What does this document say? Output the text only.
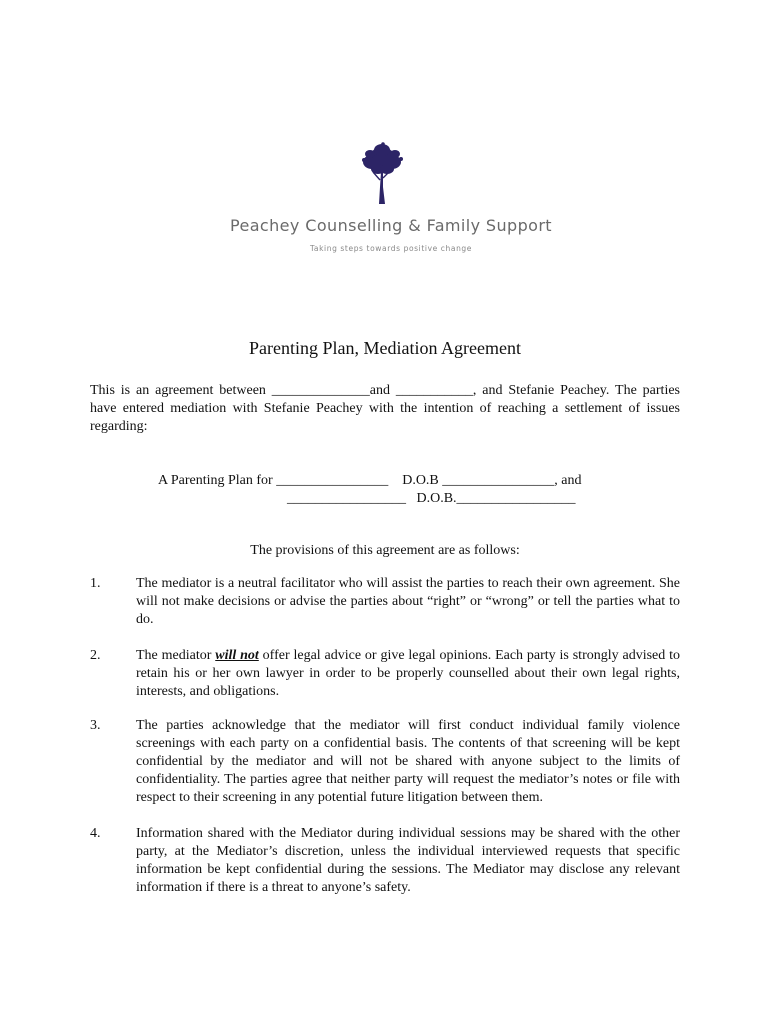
Peachey Counselling & Family Support
Taking steps towards positive change
Parenting Plan, Mediation Agreement
This is an agreement between ______________and ___________, and Stefanie Peachey. The parties have entered mediation with Stefanie Peachey with the intention of reaching a settlement of issues regarding:
A Parenting Plan for ________________    D.O.B ________________, and
_________________   D.O.B._________________
The provisions of this agreement are as follows:
1.	The mediator is a neutral facilitator who will assist the parties to reach their own agreement. She will not make decisions or advise the parties about “right” or “wrong” or tell the parties what to do.
2.	The mediator will not offer legal advice or give legal opinions. Each party is strongly advised to retain his or her own lawyer in order to be properly counselled about their own legal rights, interests, and obligations.
3.	The parties acknowledge that the mediator will first conduct individual family violence screenings with each party on a confidential basis. The contents of that screening will be kept confidential by the mediator and will not be shared with anyone subject to the limits of confidentiality. The parties agree that neither party will request the mediator’s notes or file with respect to their screening in any potential future litigation between them.
4.	Information shared with the Mediator during individual sessions may be shared with the other party, at the Mediator’s discretion, unless the individual interviewed requests that specific information be kept confidential during the sessions. The Mediator may disclose any relevant information if there is a threat to anyone’s safety.
